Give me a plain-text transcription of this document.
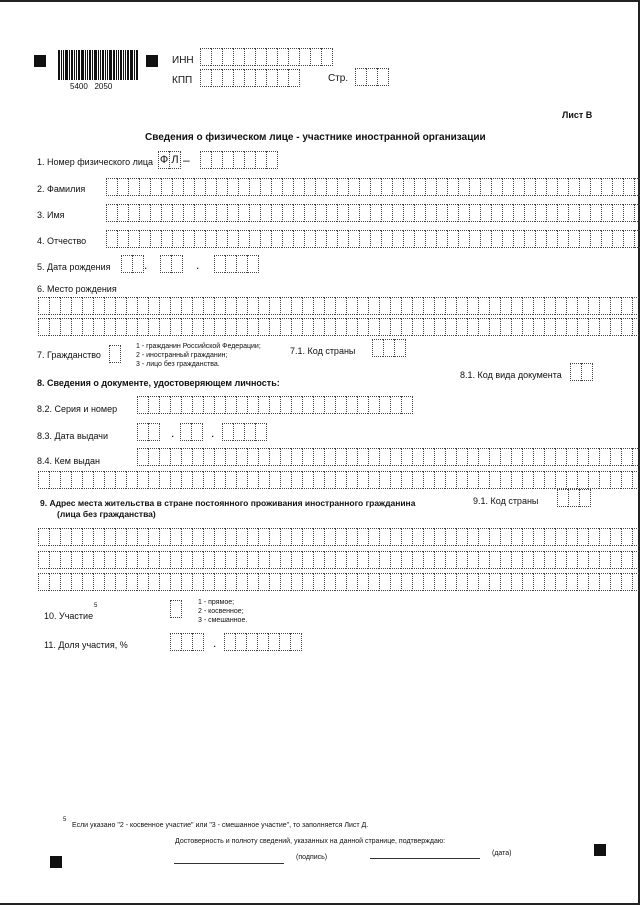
5400   2050
ИНН
КПП	Стр.
Лист В
Сведения о физическом лице - участнике иностранной организации
1. Номер физического лица Ф Л –
2. Фамилия
3. Имя
4. Отчество
5. Дата рождения	.	.
6. Место рождения
7. Гражданство
1 - гражданин Российской Федерации;
2 - иностранный гражданин;
3 - лицо без гражданства.
7.1. Код страны
8. Сведения о документе, удостоверяющем личность:
8.1. Код вида документа
8.2. Серия и номер
8.3. Дата выдачи	.	.
8.4. Кем выдан
9. Адрес места жительства в стране постоянного проживания иностранного гражданина
(лица без гражданства)
9.1. Код страны
10. Участие
5	1 - прямое;
2 - косвенное;
3 - смешанное.
11. Доля участия, %	.
5
Если указано "2 - косвенное участие" или "3 - смешанное участие", то заполняется Лист Д.
Достоверность и полноту сведений, указанных на данной странице, подтверждаю:
(подпись)
(дата)
